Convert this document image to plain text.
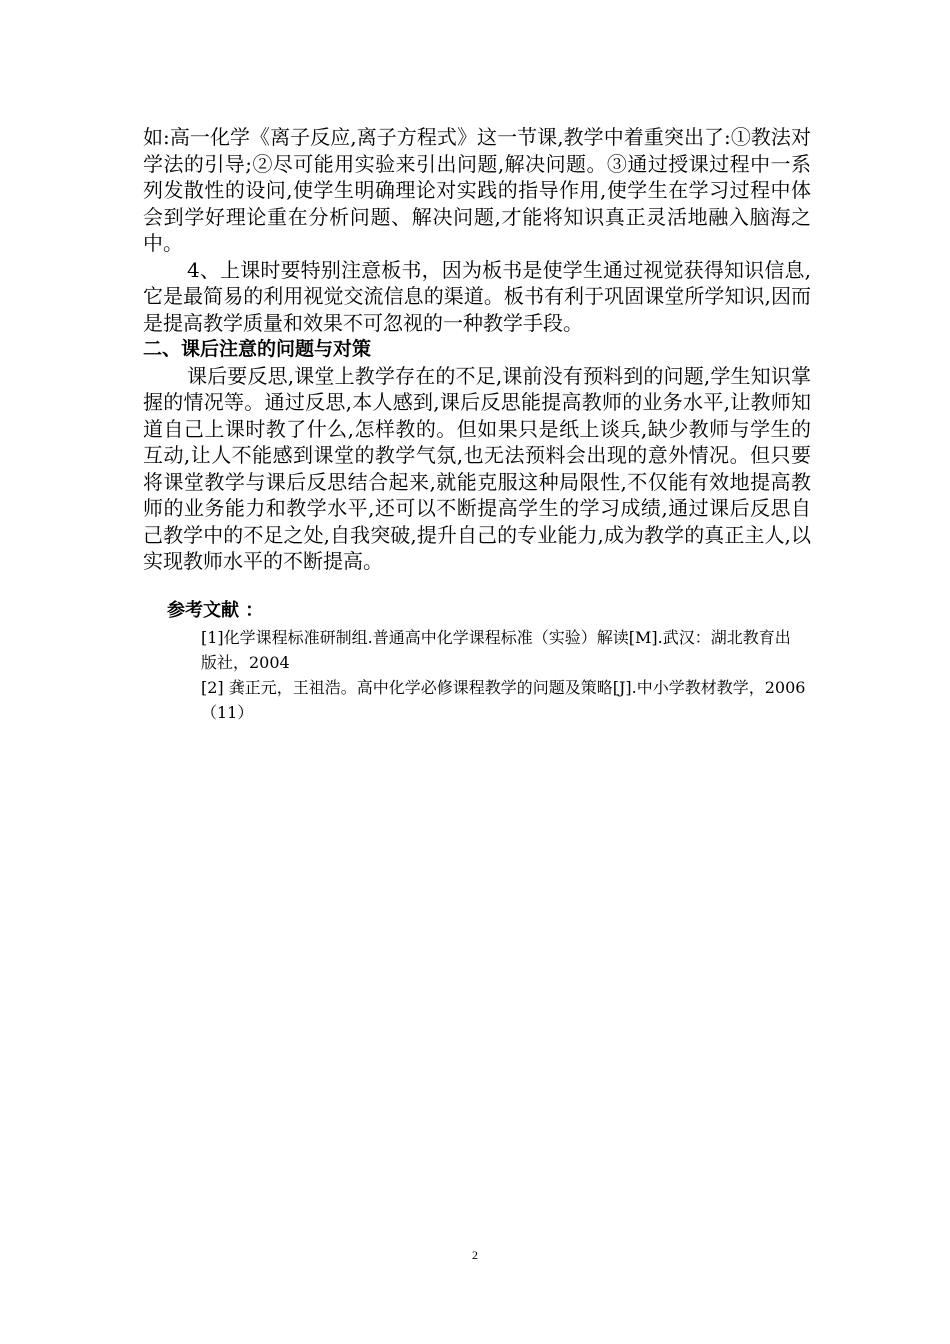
如:高一化学《离子反应,离子方程式》这一节课,教学中着重突出了:①教法对学法的引导;②尽可能用实验来引出问题,解决问题。③通过授课过程中一系列发散性的设问,使学生明确理论对实践的指导作用,使学生在学习过程中体会到学好理论重在分析问题、解决问题,才能将知识真正灵活地融入脑海之中。

4、上课时要特别注意板书，因为板书是使学生通过视觉获得知识信息,它是最简易的利用视觉交流信息的渠道。板书有利于巩固课堂所学知识,因而是提高教学质量和效果不可忽视的一种教学手段。

二、课后注意的问题与对策

课后要反思,课堂上教学存在的不足,课前没有预料到的问题,学生知识掌握的情况等。通过反思,本人感到,课后反思能提高教师的业务水平,让教师知道自己上课时教了什么,怎样教的。但如果只是纸上谈兵,缺少教师与学生的互动,让人不能感到课堂的教学气氛,也无法预料会出现的意外情况。但只要将课堂教学与课后反思结合起来,就能克服这种局限性,不仅能有效地提高教师的业务能力和教学水平,还可以不断提高学生的学习成绩,通过课后反思自己教学中的不足之处,自我突破,提升自己的专业能力,成为教学的真正主人,以实现教师水平的不断提高。

参考文献 ：

[1]化学课程标准研制组.普通高中化学课程标准（实验）解读[M].武汉：湖北教育出版社，2004

[2] 龚正元，王祖浩。高中化学必修课程教学的问题及策略[J].中小学教材教学，2006（11）

2
